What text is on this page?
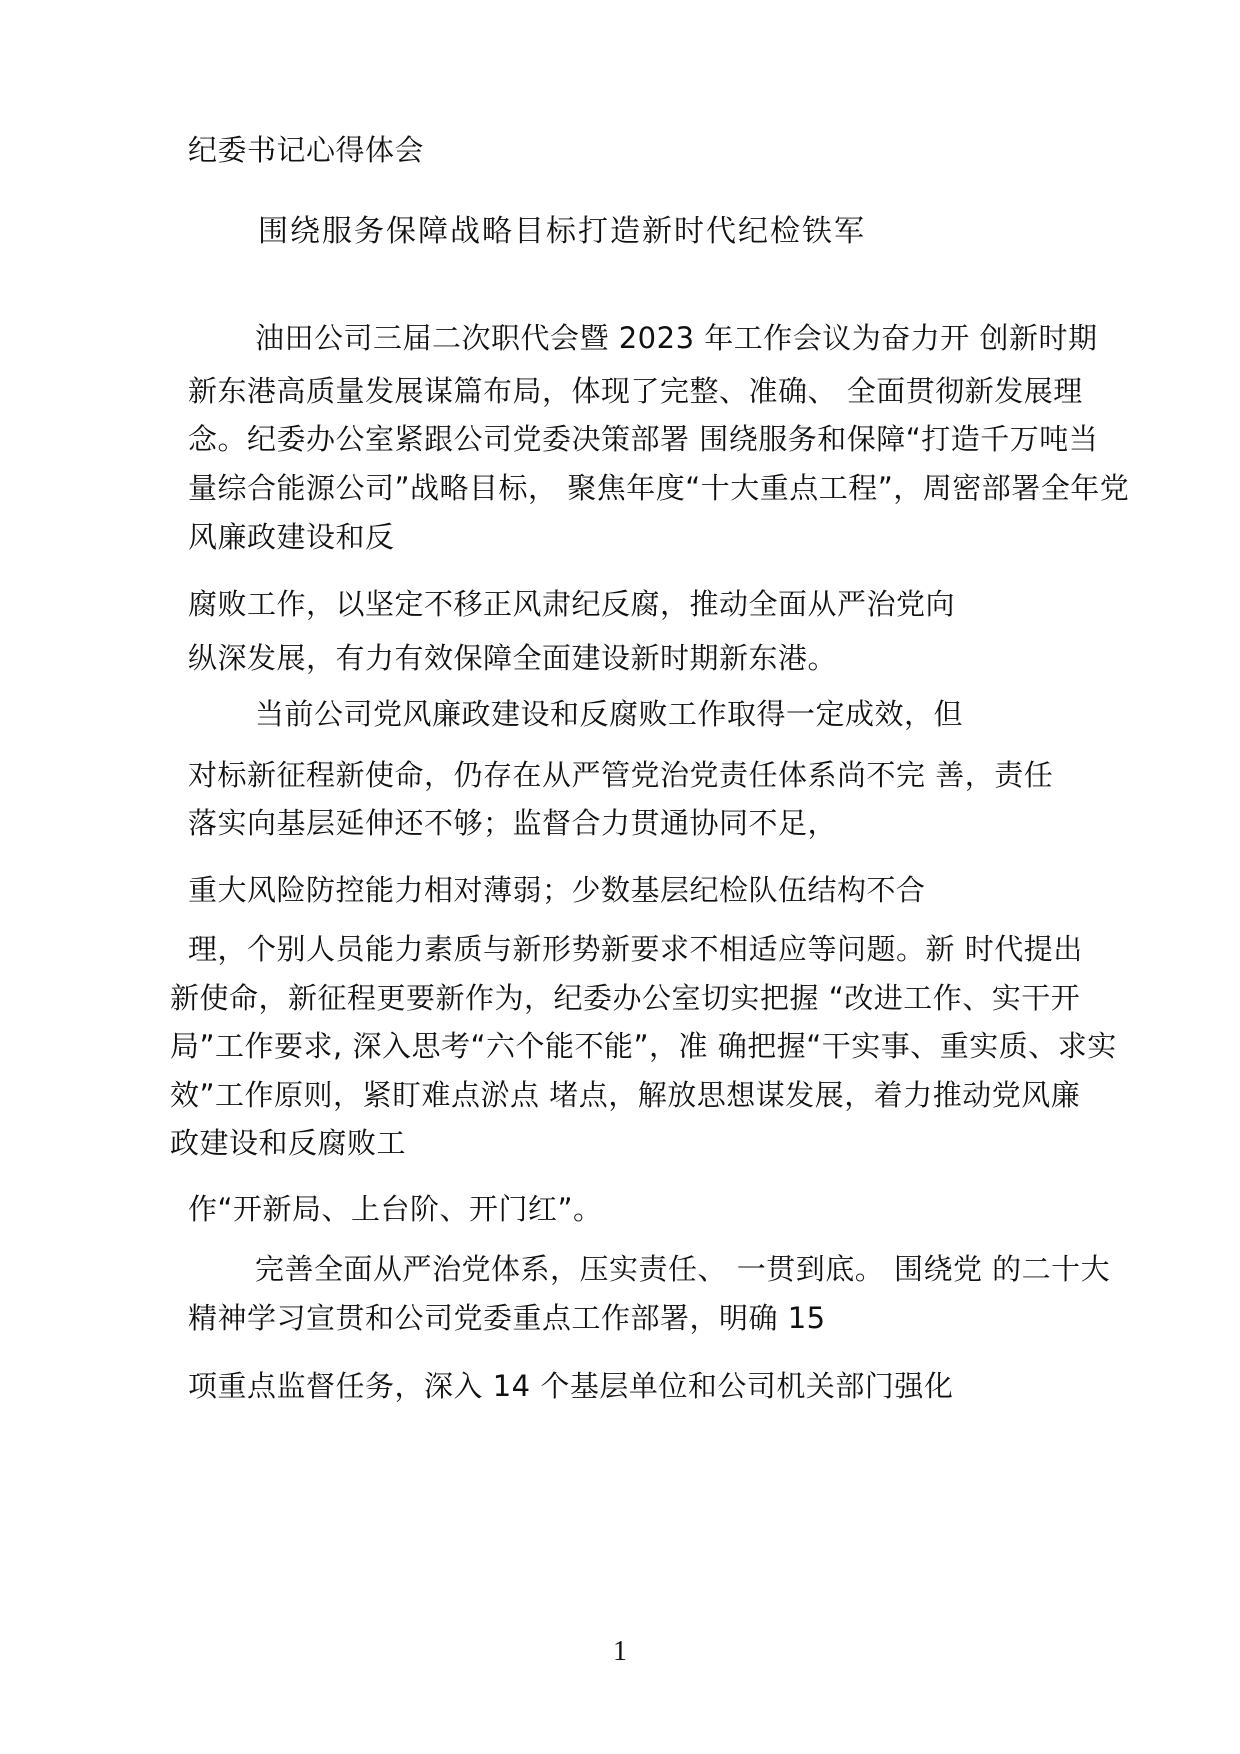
纪委书记心得体会
围绕服务保障战略目标打造新时代纪检铁军
油田公司三届二次职代会暨 2023 年工作会议为奋力开 创新时期
新东港高质量发展谋篇布局，体现了完整、准确、 全面贯彻新发展理
念。纪委办公室紧跟公司党委决策部署 围绕服务和保障“打造千万吨当
量综合能源公司”战略目标， 聚焦年度“十大重点工程”，周密部署全年党
风廉政建设和反
腐败工作，以坚定不移正风肃纪反腐，推动全面从严治党向
纵深发展，有力有效保障全面建设新时期新东港。
当前公司党风廉政建设和反腐败工作取得一定成效，但
对标新征程新使命，仍存在从严管党治党责任体系尚不完 善，责任
落实向基层延伸还不够；监督合力贯通协同不足，
重大风险防控能力相对薄弱；少数基层纪检队伍结构不合
理，个别人员能力素质与新形势新要求不相适应等问题。新 时代提出
新使命，新征程更要新作为，纪委办公室切实把握 “改进工作、实干开
局”工作要求, 深入思考“六个能不能”，准 确把握“干实事、重实质、求实
效”工作原则，紧盯难点淤点 堵点，解放思想谋发展，着力推动党风廉
政建设和反腐败工
作“开新局、上台阶、开门红”。
完善全面从严治党体系，压实责任、 一贯到底。 围绕党 的二十大
精神学习宣贯和公司党委重点工作部署，明确 15
项重点监督任务，深入 14 个基层单位和公司机关部门强化
1
